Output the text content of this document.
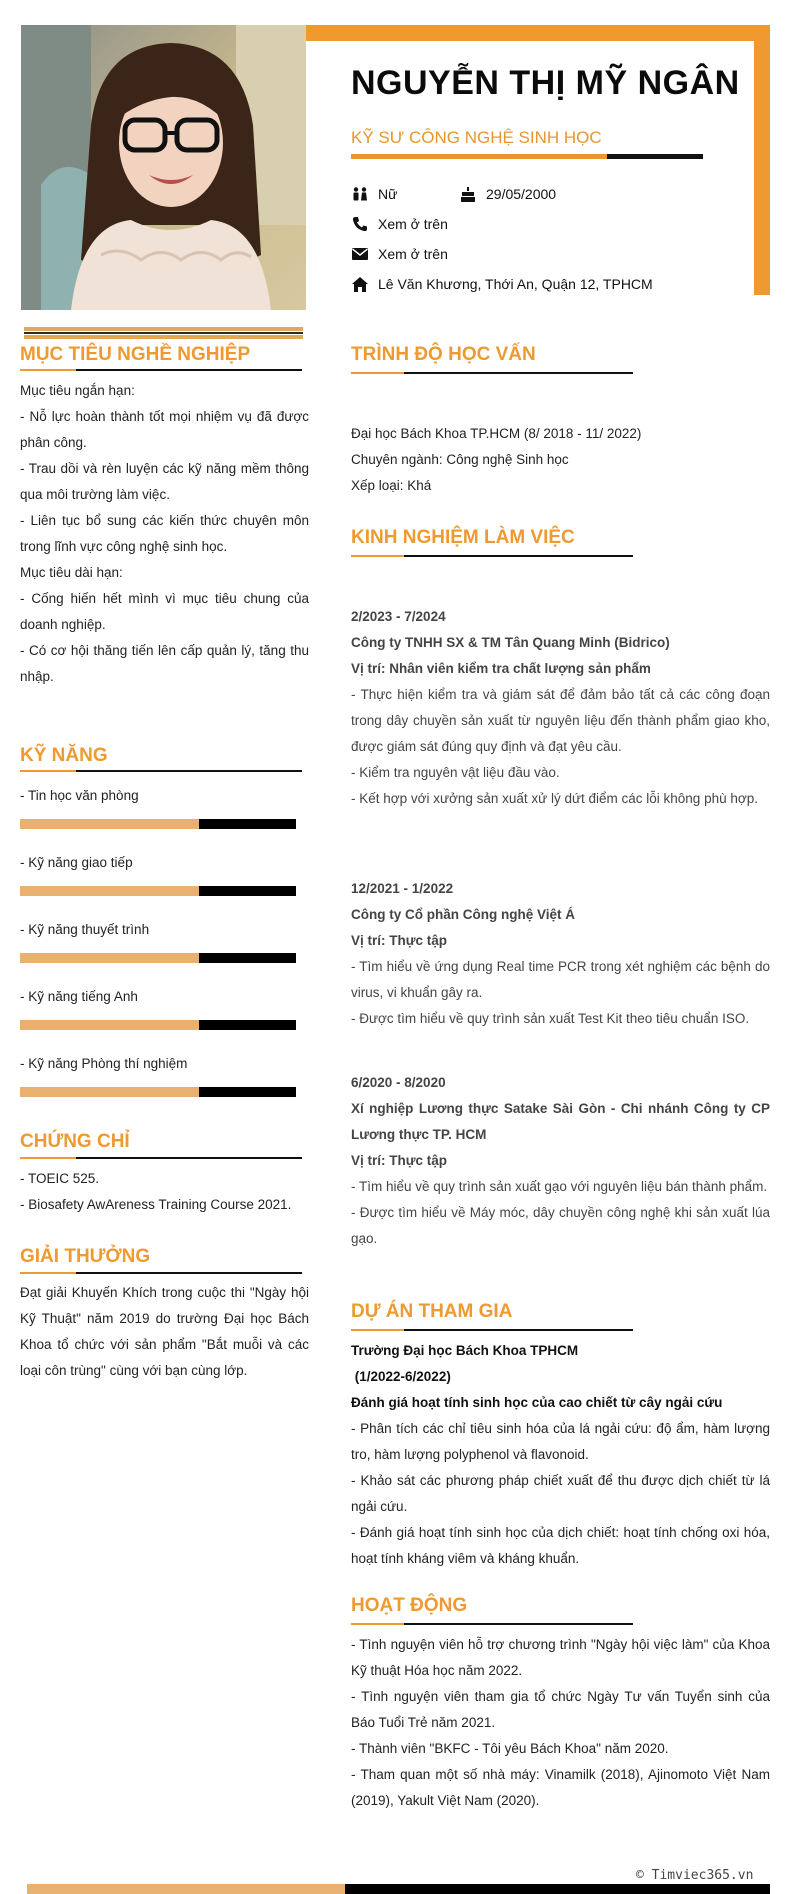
NGUYỄN THỊ MỸ NGÂN
KỸ SƯ CÔNG NGHỆ SINH HỌC
Nữ	29/05/2000
Xem ở trên
Xem ở trên
Lê Văn Khương, Thới An, Quận 12, TPHCM
MỤC TIÊU NGHỀ NGHIỆP

Mục tiêu ngắn hạn:

- Nỗ lực hoàn thành tốt mọi nhiệm vụ đã được phân công.

- Trau dồi và rèn luyện các kỹ năng mềm thông qua môi trường làm việc.

- Liên tục bổ sung các kiến thức chuyên môn trong lĩnh vực công nghệ sinh học.

Mục tiêu dài hạn:

- Cống hiến hết mình vì mục tiêu chung của doanh nghiệp.

- Có cơ hội thăng tiến lên cấp quản lý, tăng thu nhập.

KỸ NĂNG
- Tin học văn phòng
- Kỹ năng giao tiếp
- Kỹ năng thuyết trình
- Kỹ năng tiếng Anh
- Kỹ năng Phòng thí nghiệm
CHỨNG CHỈ

- TOEIC 525.

- Biosafety AwAreness Training Course 2021.

GIẢI THƯỞNG
Đạt giải Khuyến Khích trong cuộc thi "Ngày hội Kỹ Thuật" năm 2019 do trường Đại học Bách Khoa tổ chức với sản phẩm "Bắt muỗi và các loại côn trùng" cùng với bạn cùng lớp.
TRÌNH ĐỘ HỌC VẤN

Đại học Bách Khoa TP.HCM (8/ 2018 - 11/ 2022)

Chuyên ngành: Công nghệ Sinh học

Xếp loại: Khá

KINH NGHIỆM LÀM VIỆC

2/2023 - 7/2024

Công ty TNHH SX & TM Tân Quang Minh (Bidrico)

Vị trí: Nhân viên kiểm tra chất lượng sản phẩm

- Thực hiện kiểm tra và giám sát để đảm bảo tất cả các công đoạn trong dây chuyền sản xuất từ nguyên liệu đến thành phẩm giao kho, được giám sát đúng quy định và đạt yêu cầu.

- Kiểm tra nguyên vật liệu đầu vào.

- Kết hợp với xưởng sản xuất xử lý dứt điểm các lỗi không phù hợp.

12/2021 - 1/2022

Công ty Cổ phần Công nghệ Việt Á

Vị trí: Thực tập

- Tìm hiểu về ứng dụng Real time PCR trong xét nghiệm các bệnh do virus, vi khuẩn gây ra.

- Được tìm hiểu về quy trình sản xuất Test Kit theo tiêu chuẩn ISO.

6/2020 - 8/2020

Xí nghiệp Lương thực Satake Sài Gòn - Chi nhánh Công ty CP Lương thực TP. HCM

Vị trí: Thực tập

- Tìm hiểu về quy trình sản xuất gạo với nguyên liệu bán thành phẩm.

- Được tìm hiểu về Máy móc, dây chuyền công nghệ khi sản xuất lúa gạo.

DỰ ÁN THAM GIA

Trường Đại học Bách Khoa TPHCM

(1/2022-6/2022)

Đánh giá hoạt tính sinh học của cao chiết từ cây ngải cứu

- Phân tích các chỉ tiêu sinh hóa của lá ngải cứu: độ ẩm, hàm lượng tro, hàm lượng polyphenol và flavonoid.

- Khảo sát các phương pháp chiết xuất để thu được dịch chiết từ lá ngải cứu.

- Đánh giá hoạt tính sinh học của dịch chiết: hoạt tính chống oxi hóa, hoạt tính kháng viêm và kháng khuẩn.

HOẠT ĐỘNG

- Tình nguyện viên hỗ trợ chương trình "Ngày hội việc làm" của Khoa Kỹ thuật Hóa học năm 2022.

- Tình nguyện viên tham gia tổ chức Ngày Tư vấn Tuyển sinh của Báo Tuổi Trẻ năm 2021.

- Thành viên "BKFC - Tôi yêu Bách Khoa" năm 2020.

- Tham quan một số nhà máy: Vinamilk (2018), Ajinomoto Việt Nam (2019), Yakult Việt Nam (2020).

© Timviec365.vn
